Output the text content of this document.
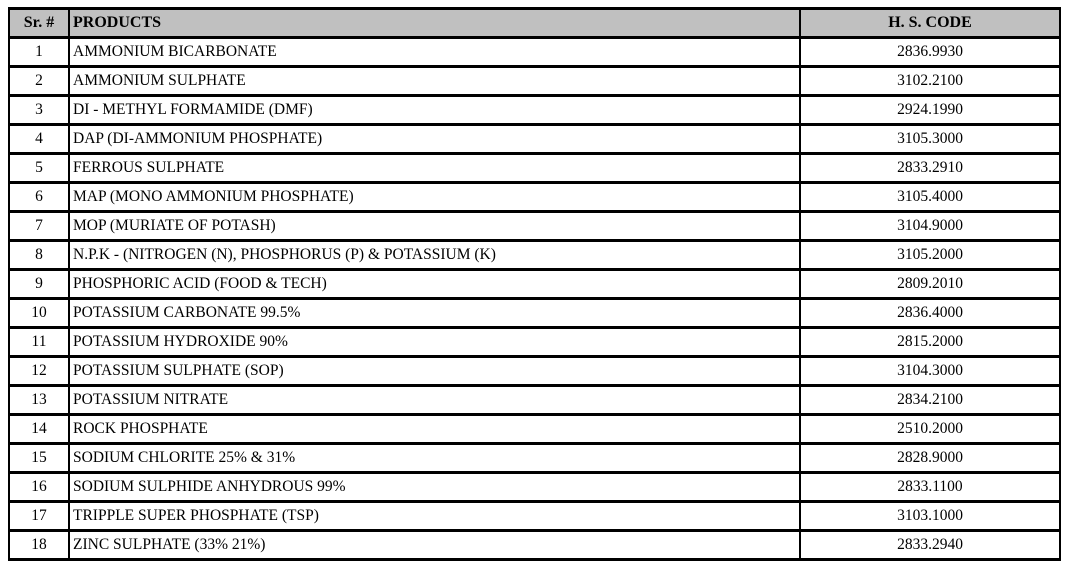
Sr. #	PRODUCTS	H. S. CODE
1	AMMONIUM BICARBONATE	2836.9930
2	AMMONIUM SULPHATE	3102.2100
3	DI - METHYL FORMAMIDE (DMF)	2924.1990
4	DAP (DI-AMMONIUM PHOSPHATE)	3105.3000
5	FERROUS SULPHATE	2833.2910
6	MAP (MONO AMMONIUM PHOSPHATE)	3105.4000
7	MOP (MURIATE OF POTASH)	3104.9000
8	N.P.K - (NITROGEN (N), PHOSPHORUS (P) & POTASSIUM (K)	3105.2000
9	PHOSPHORIC ACID (FOOD & TECH)	2809.2010
10	POTASSIUM CARBONATE 99.5%	2836.4000
11	POTASSIUM HYDROXIDE 90%	2815.2000
12	POTASSIUM SULPHATE (SOP)	3104.3000
13	POTASSIUM NITRATE	2834.2100
14	ROCK PHOSPHATE	2510.2000
15	SODIUM CHLORITE 25% & 31%	2828.9000
16	SODIUM SULPHIDE ANHYDROUS 99%	2833.1100
17	TRIPPLE SUPER PHOSPHATE (TSP)	3103.1000
18	ZINC SULPHATE (33% 21%)	2833.2940
